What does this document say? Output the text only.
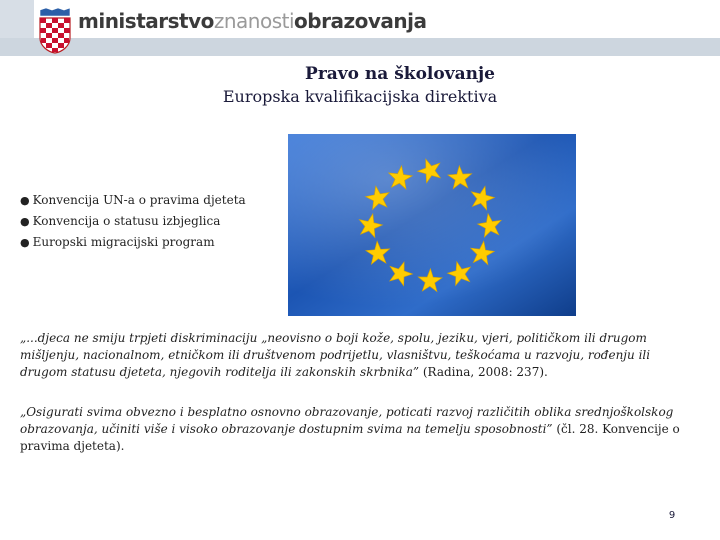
ministarstvoznanostiobrazovanja
Pravo na školovanje
Europska kvalifikacijska direktiva
● Konvencija UN-a o pravima djeteta
● Konvencija o statusu izbjeglica
● Europski migracijski program

„...djeca ne smiju trpjeti diskriminaciju „neovisno o boji kože, spolu, jeziku, vjeri, političkom ili drugom mišljenju, nacionalnom, etničkom ili društvenom podrijetlu, vlasništvu, teškoćama u razvoju, rođenju ili drugom statusu djeteta, njegovih roditelja ili zakonskih skrbnika” (Radina, 2008: 237).

„Osigurati svima obvezno i besplatno osnovno obrazovanje, poticati razvoj različitih oblika srednjoškolskog obrazovanja, učiniti više i visoko obrazovanje dostupnim svima na temelju sposobnosti” (čl. 28. Konvencije o pravima djeteta).

9
